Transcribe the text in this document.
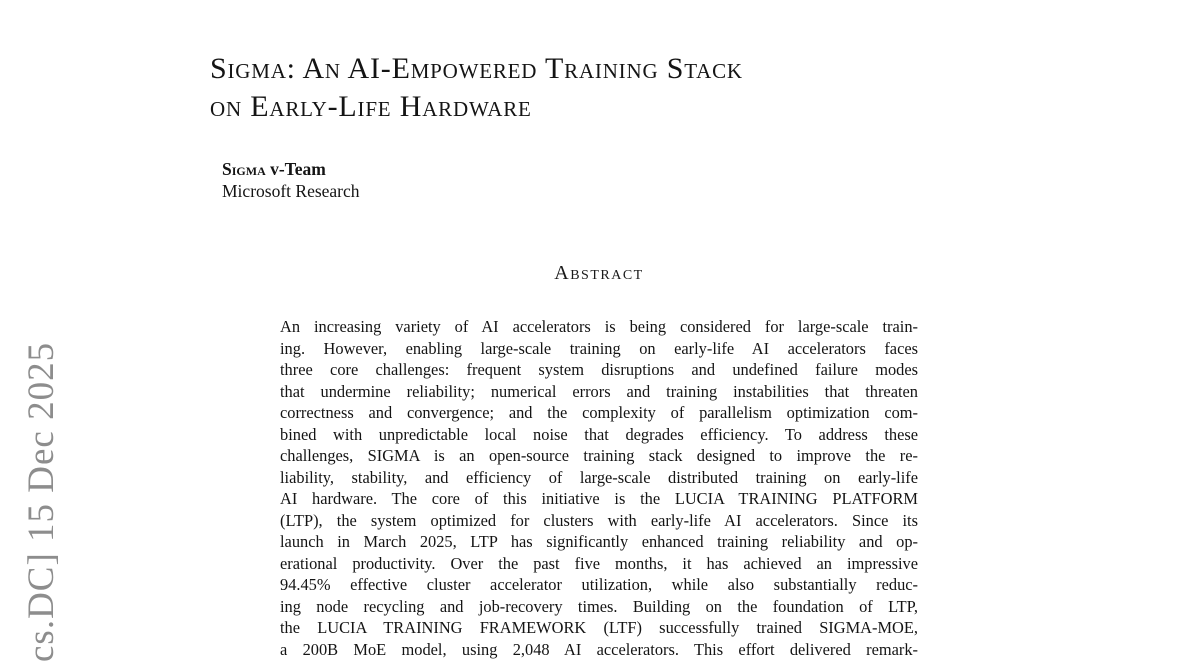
cs.DC] 15 Dec 2025
Sigma: An AI-Empowered Training Stack
on Early-Life Hardware
Sigma v-Team
Microsoft Research
Abstract
An increasing variety of AI accelerators is being considered for large-scale train-
ing. However, enabling large-scale training on early-life AI accelerators faces
three core challenges: frequent system disruptions and undefined failure modes
that undermine reliability; numerical errors and training instabilities that threaten
correctness and convergence; and the complexity of parallelism optimization com-
bined with unpredictable local noise that degrades efficiency. To address these
challenges, SIGMA is an open-source training stack designed to improve the re-
liability, stability, and efficiency of large-scale distributed training on early-life
AI hardware. The core of this initiative is the LUCIA TRAINING PLATFORM
(LTP), the system optimized for clusters with early-life AI accelerators. Since its
launch in March 2025, LTP has significantly enhanced training reliability and op-
erational productivity. Over the past five months, it has achieved an impressive
94.45% effective cluster accelerator utilization, while also substantially reduc-
ing node recycling and job-recovery times. Building on the foundation of LTP,
the LUCIA TRAINING FRAMEWORK (LTF) successfully trained SIGMA-MOE,
a 200B MoE model, using 2,048 AI accelerators. This effort delivered remark-
